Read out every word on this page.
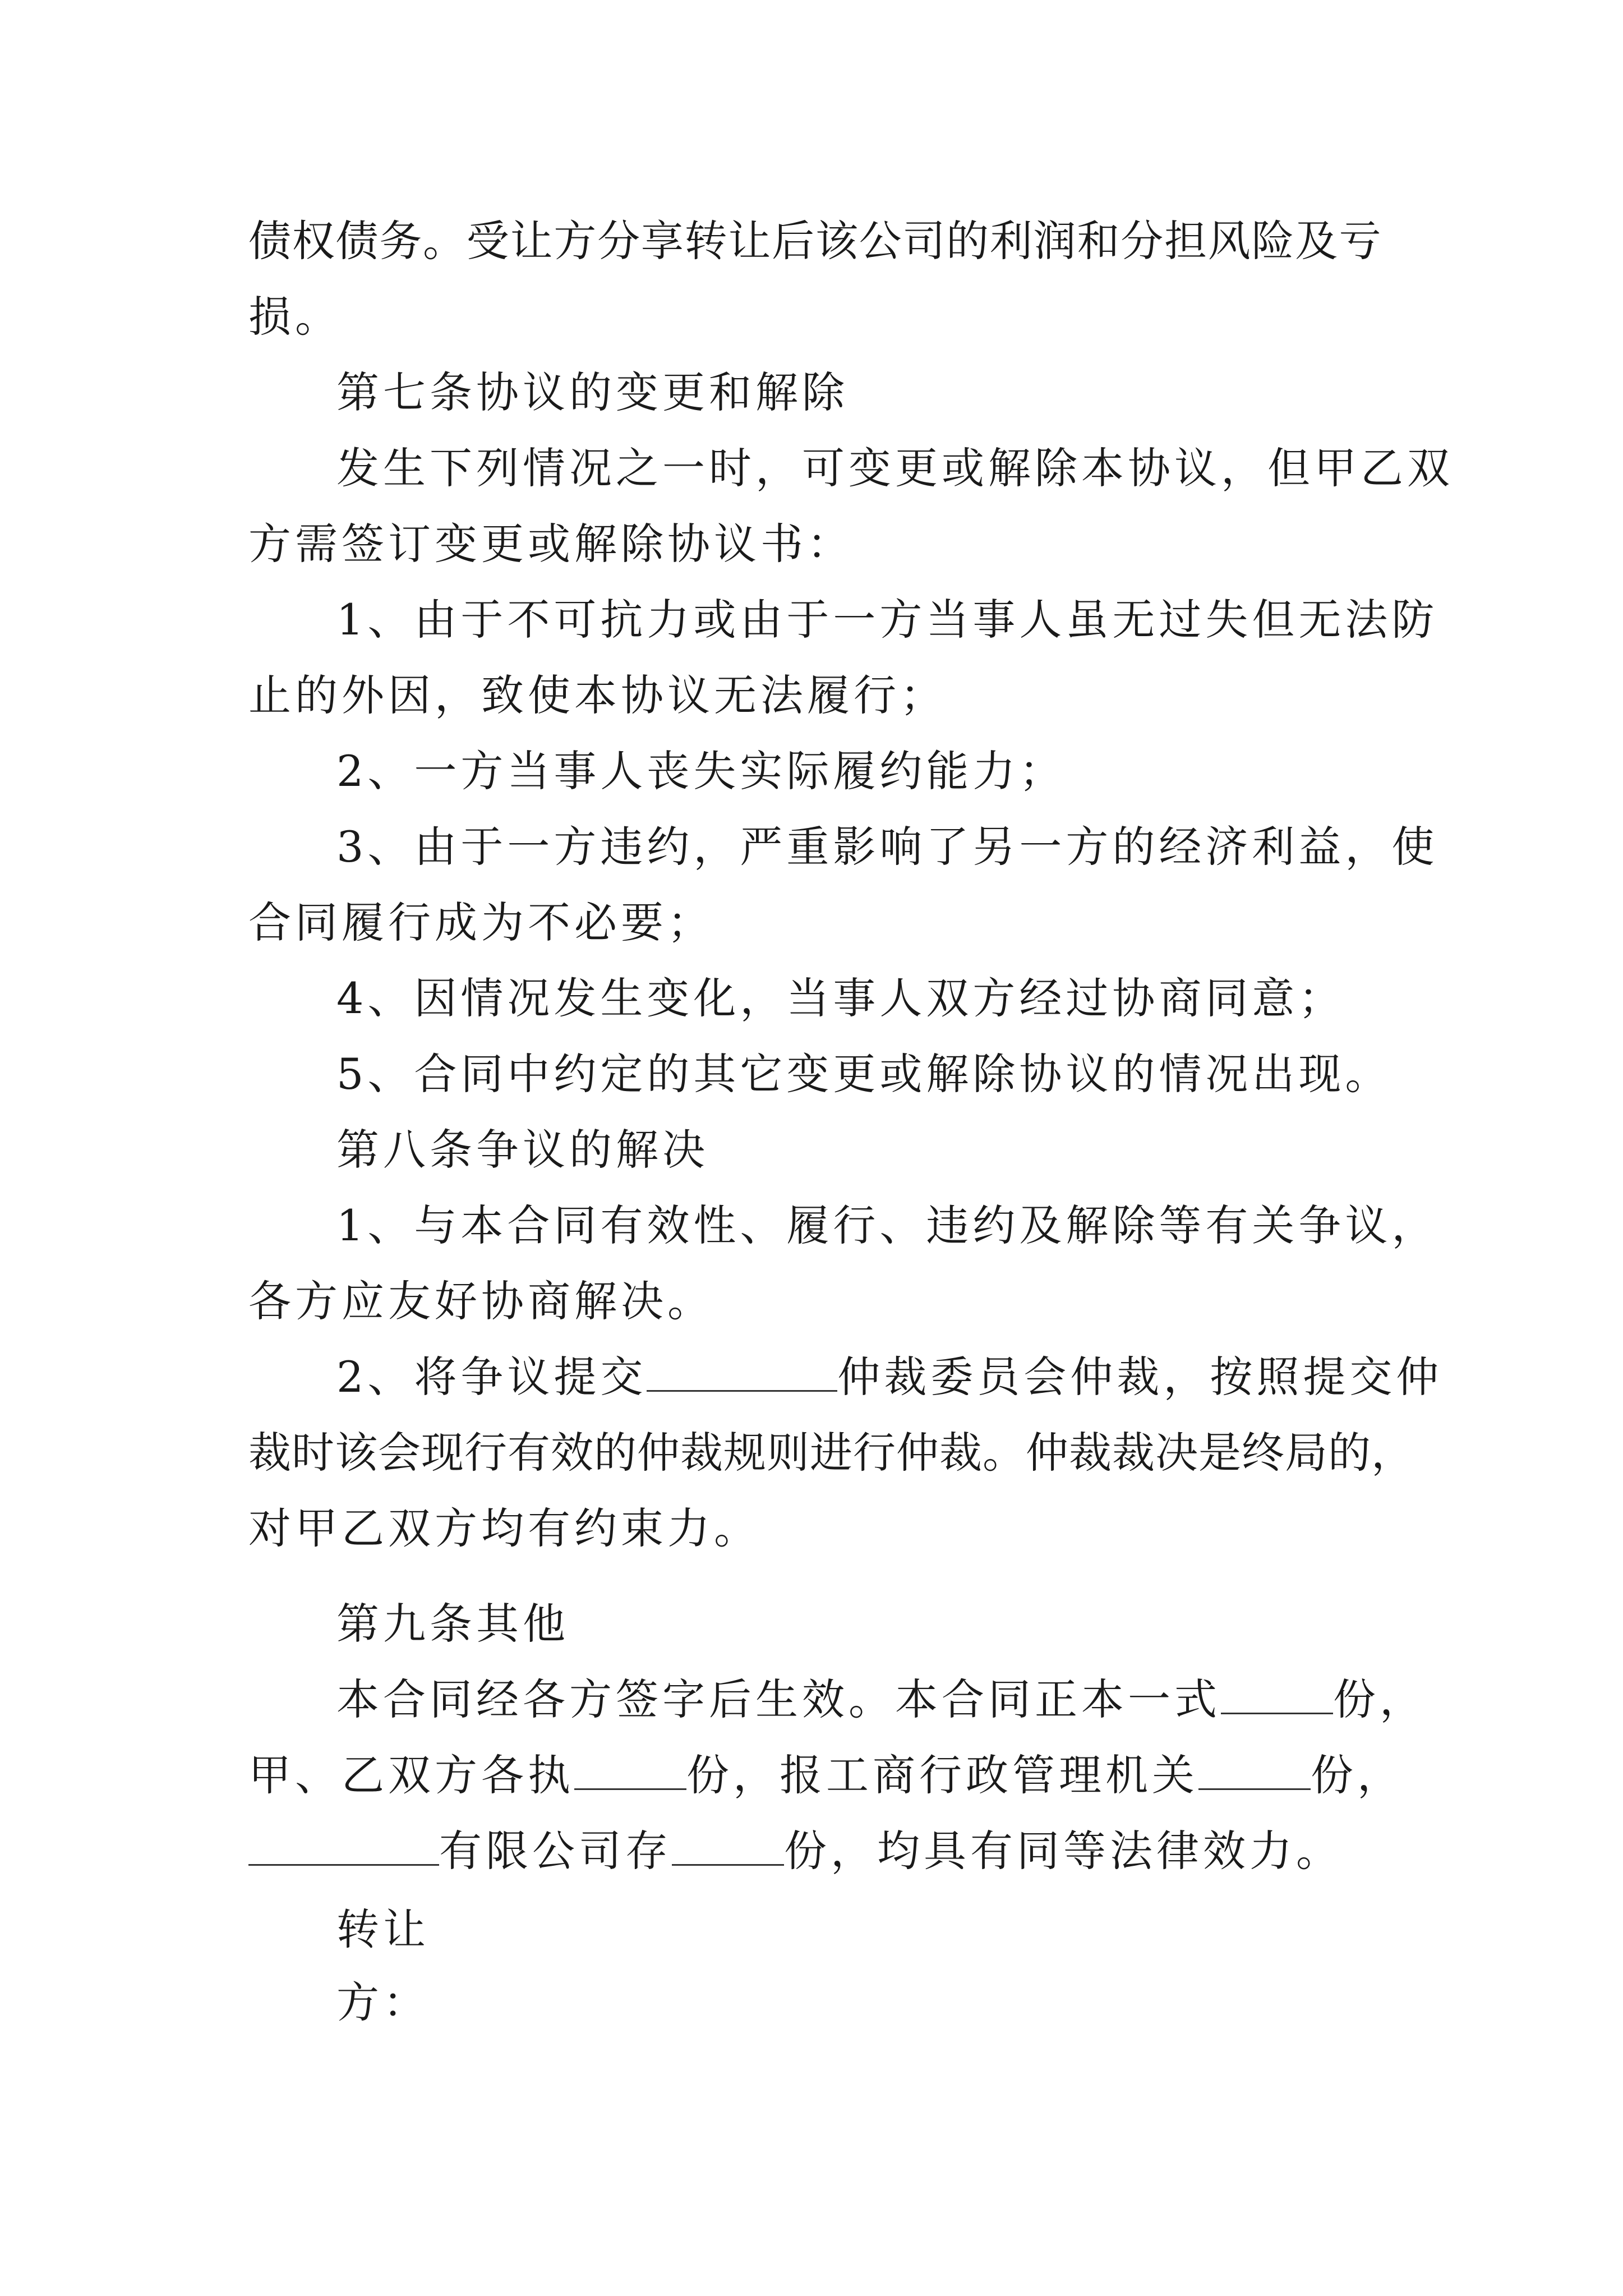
债权债务。受让方分享转让后该公司的利润和分担风险及亏
损。
第七条协议的变更和解除
发生下列情况之一时，可变更或解除本协议，但甲乙双
方需签订变更或解除协议书：
1、由于不可抗力或由于一方当事人虽无过失但无法防
止的外因，致使本协议无法履行；
2、一方当事人丧失实际履约能力；
3、由于一方违约，严重影响了另一方的经济利益，使
合同履行成为不必要；
4、因情况发生变化，当事人双方经过协商同意；
5、合同中约定的其它变更或解除协议的情况出现。
第八条争议的解决
1、与本合同有效性、履行、违约及解除等有关争议，
各方应友好协商解决。
2、将争议提交	仲裁委员会仲裁，按照提交仲
裁时该会现行有效的仲裁规则进行仲裁。仲裁裁决是终局的，
对甲乙双方均有约束力。
第九条其他
本合同经各方签字后生效。本合同正本一式	份，
甲、乙双方各执	份，报工商行政管理机关	份，
有限公司存	份，均具有同等法律效力。
转让
方：
